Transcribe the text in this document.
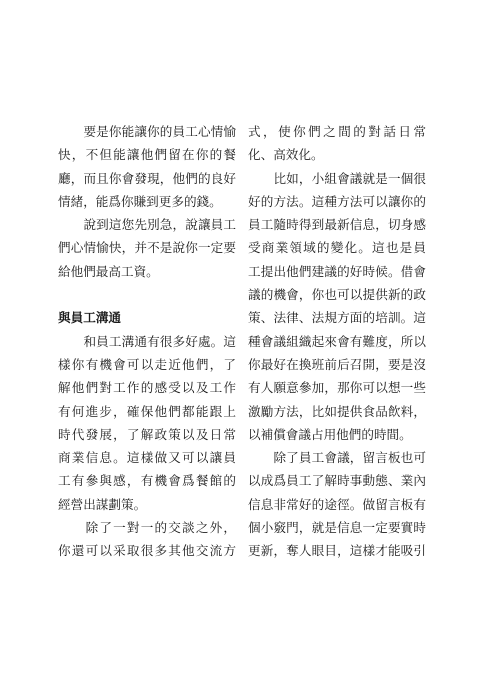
　　要是你能讓你的員工心情愉
快，不但能讓他們留在你的餐
廳，而且你會發現，他們的良好
情緒，能爲你賺到更多的錢。
　　說到這您先別急，說讓員工
們心情愉快，并不是說你一定要
給他們最高工資。
與員工溝通
　　和員工溝通有很多好處。這
樣你有機會可以走近他們，了
解他們對工作的感受以及工作
有何進步，確保他們都能跟上
時代發展，了解政策以及日常
商業信息。這樣做又可以讓員
工有參與感，有機會爲餐館的
經營出謀劃策。
　　除了一對一的交談之外，
你還可以采取很多其他交流方
式，使你們之間的對話日常
化、高效化。
　　比如，小組會議就是一個很
好的方法。這種方法可以讓你的
員工隨時得到最新信息，切身感
受商業領域的變化。這也是員
工提出他們建議的好時候。借會
議的機會，你也可以提供新的政
策、法律、法規方面的培訓。這
種會議組織起來會有難度，所以
你最好在換班前后召開，要是沒
有人願意參加，那你可以想一些
激勵方法，比如提供食品飲料，
以補償會議占用他們的時間。
　　除了員工會議，留言板也可
以成爲員工了解時事動態、業內
信息非常好的途徑。做留言板有
個小竅門，就是信息一定要實時
更新，奪人眼目，這樣才能吸引
